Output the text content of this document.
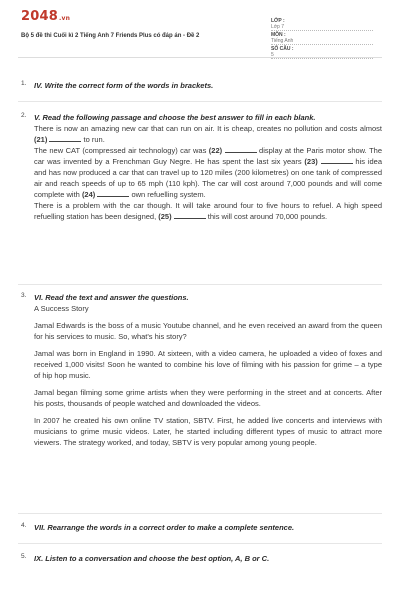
2048.vn
Bộ 5 đề thi Cuối kì 2 Tiếng Anh 7 Friends Plus có đáp án - Đề 2
LỚP :Lớp 7
MÔN :Tiếng Anh
SỐ CÂU :5
1. IV. Write the correct form of the words in brackets.
2. V. Read the following passage and choose the best answer to fill in each blank.
There is now an amazing new car that can run on air. It is cheap, creates no pollution and costs almost (21)	to run.
The new CAT (compressed air technology) car was (22)	display at the Paris motor show. The car was invented by a Frenchman Guy Negre. He has spent the last six years (23)	his idea and has now produced a car that can travel up to 120 miles (200 kilometres) on one tank of compressed air and reach speeds of up to 65 mph (110 kph). The car will cost around 7,000 pounds and will come complete with (24)	own refuelling system.
There is a problem with the car though. It will take around four to five hours to refuel. A high speed refuelling station has been designed, (25)	this will cost around 70,000 pounds.
3. VI. Read the text and answer the questions.
A Success Story
Jamal Edwards is the boss of a music Youtube channel, and he even received an award from the queen for his services to music. So, what's his story?
Jamal was born in England in 1990. At sixteen, with a video camera, he uploaded a video of foxes and received 1,000 visits! Soon he wanted to combine his love of filming with his passion for grime – a type of hip hop music.
Jamal began filming some grime artists when they were performing in the street and at concerts. After his posts, thousands of people watched and downloaded the videos.
In 2007 he created his own online TV station, SBTV. First, he added live concerts and interviews with musicians to grime music videos. Later, he started including different types of music to attract more viewers. The strategy worked, and today, SBTV is very popular among young people.
4. VII. Rearrange the words in a correct order to make a complete sentence.
5. IX. Listen to a conversation and choose the best option, A, B or C.
